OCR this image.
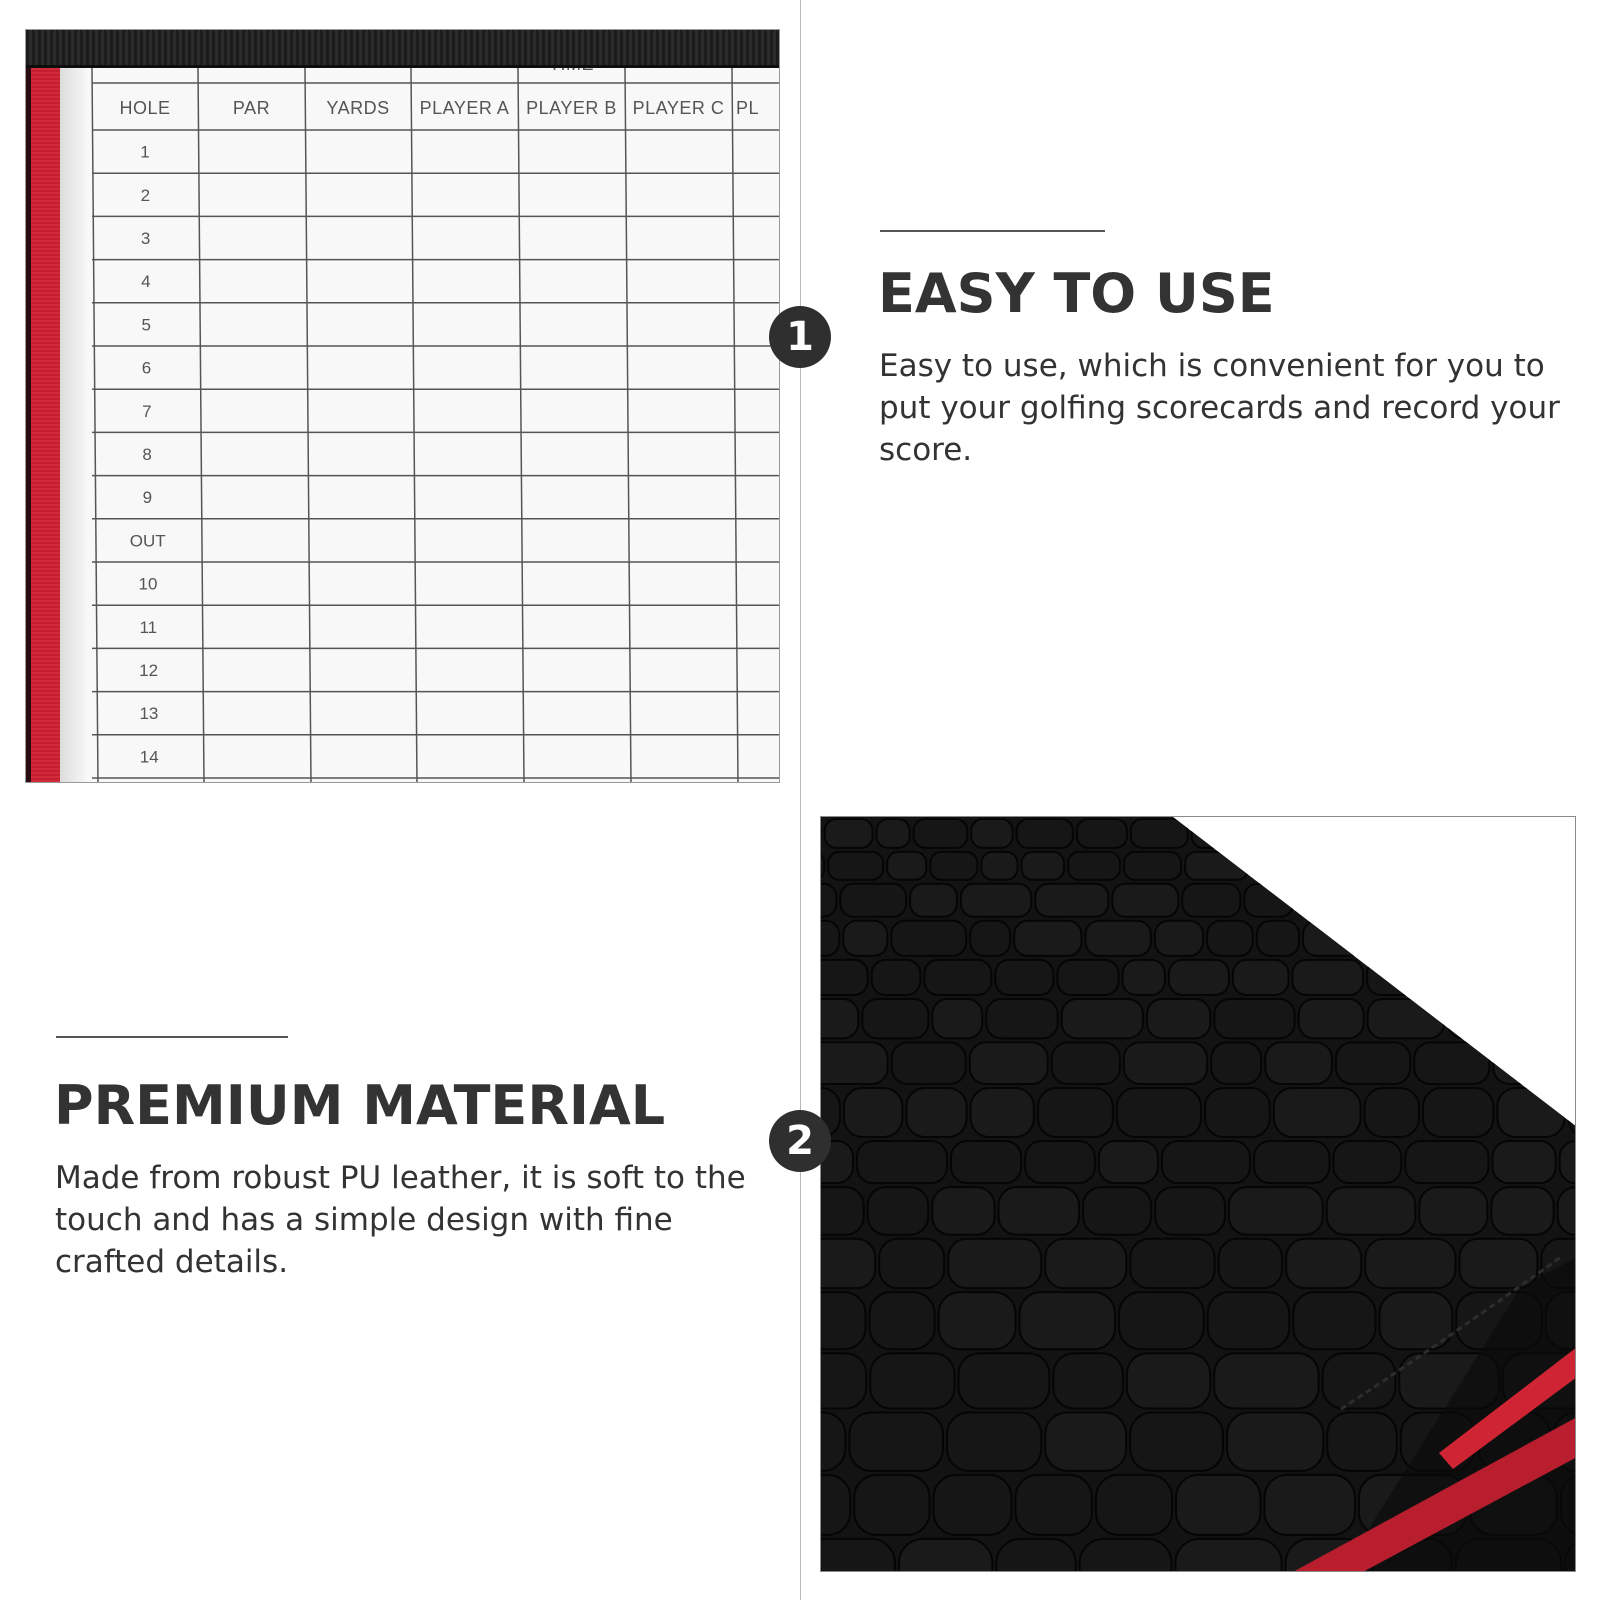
HOLE	PAR	YARDS PLAYER A PLAYER B PLAYER C PL
1
2
3
4
5
6
7
8
9
OUT
10
11
12
13
14
1
2
EASY TO USE

Easy to use, which is convenient for you to put your golfing scorecards and record your score.

PREMIUM MATERIAL

Made from robust PU leather, it is soft to the touch and has a simple design with fine crafted details.
